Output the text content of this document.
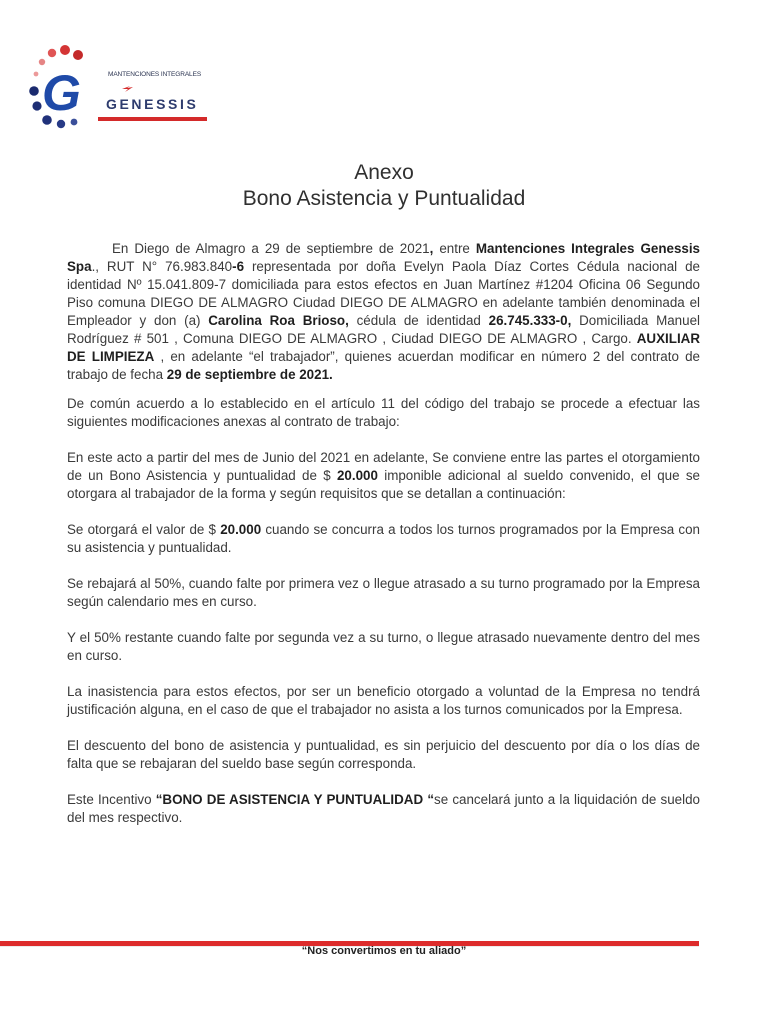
G	MANTENCIONES INTEGRALES
GENESSIS
Anexo
Bono Asistencia y Puntualidad

En Diego de Almagro a 29 de septiembre de 2021, entre Mantenciones Integrales Genessis Spa., RUT N° 76.983.840-6 representada por doña Evelyn Paola Díaz Cortes Cédula nacional de identidad Nº 15.041.809-7 domiciliada para estos efectos en Juan Martínez #1204 Oficina 06 Segundo Piso comuna DIEGO DE ALMAGRO Ciudad DIEGO DE ALMAGRO en adelante también denominada el Empleador y don (a) Carolina Roa Brioso, cédula de identidad 26.745.333-0, Domiciliada Manuel Rodríguez # 501 , Comuna DIEGO DE ALMAGRO , Ciudad DIEGO DE ALMAGRO , Cargo. AUXILIAR DE LIMPIEZA , en adelante “el trabajador”, quienes acuerdan modificar en número 2 del contrato de trabajo de fecha 29 de septiembre de 2021.

De común acuerdo a lo establecido en el artículo 11 del código del trabajo se procede a efectuar las siguientes modificaciones anexas al contrato de trabajo:

En este acto a partir del mes de Junio del 2021 en adelante, Se conviene entre las partes el otorgamiento de un Bono Asistencia y puntualidad de $ 20.000 imponible adicional al sueldo convenido, el que se otorgara al trabajador de la forma y según requisitos que se detallan a continuación:

Se otorgará el valor de $ 20.000 cuando se concurra a todos los turnos programados por la Empresa con su asistencia y puntualidad.

Se rebajará al 50%, cuando falte por primera vez o llegue atrasado a su turno programado por la Empresa según calendario mes en curso.

Y el 50% restante cuando falte por segunda vez a su turno, o llegue atrasado nuevamente dentro del mes en curso.

La inasistencia para estos efectos, por ser un beneficio otorgado a voluntad de la Empresa no tendrá justificación alguna, en el caso de que el trabajador no asista a los turnos comunicados por la Empresa.

El descuento del bono de asistencia y puntualidad, es sin perjuicio del descuento por día o los días de falta que se rebajaran del sueldo base según corresponda.

Este Incentivo “BONO DE ASISTENCIA Y PUNTUALIDAD “se cancelará junto a la liquidación de sueldo del mes respectivo.

“Nos convertimos en tu aliado”
